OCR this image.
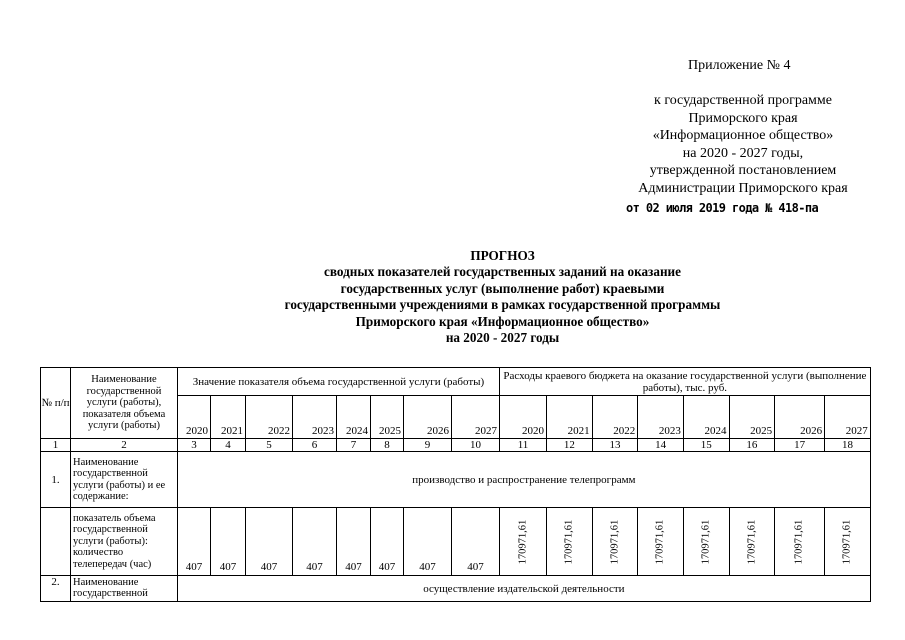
Приложение № 4
к государственной программе
Приморского края
«Информационное общество»
на 2020 - 2027 годы,
утвержденной постановлением
Администрации Приморского края
от 02 июля 2019 года № 418-па
ПРОГНОЗ
сводных показателей государственных заданий на оказание
государственных услуг (выполнение работ) краевыми
государственными учреждениями в рамках государственной программы
Приморского края «Информационное общество»
на 2020 - 2027 годы
№ п/п	Наименование государственной услуги (работы), показателя объема услуги (работы)	Значение показателя объема государственной услуги (работы)								Расходы краевого бюджета на оказание государственной услуги (выполнение работы), тыс. руб.							
		2020	2021	2022	2023	2024	2025	2026	2027	2020	2021	2022	2023	2024	2025	2026	2027
1	2	3	4	5	6	7	8	9	10	11	12	13	14	15	16	17	18
1.	Наименование государственной услуги (работы) и ее содержание:	производство и распространение телепрограмм															
	показатель объема государственной услуги (работы): количество телепередач (час)	407	407	407	407	407	407	407	407	170971,61	170971,61	170971,61	170971,61	170971,61	170971,61	170971,61	170971,61
2.	Наименование государственной	осуществление издательской деятельности															
